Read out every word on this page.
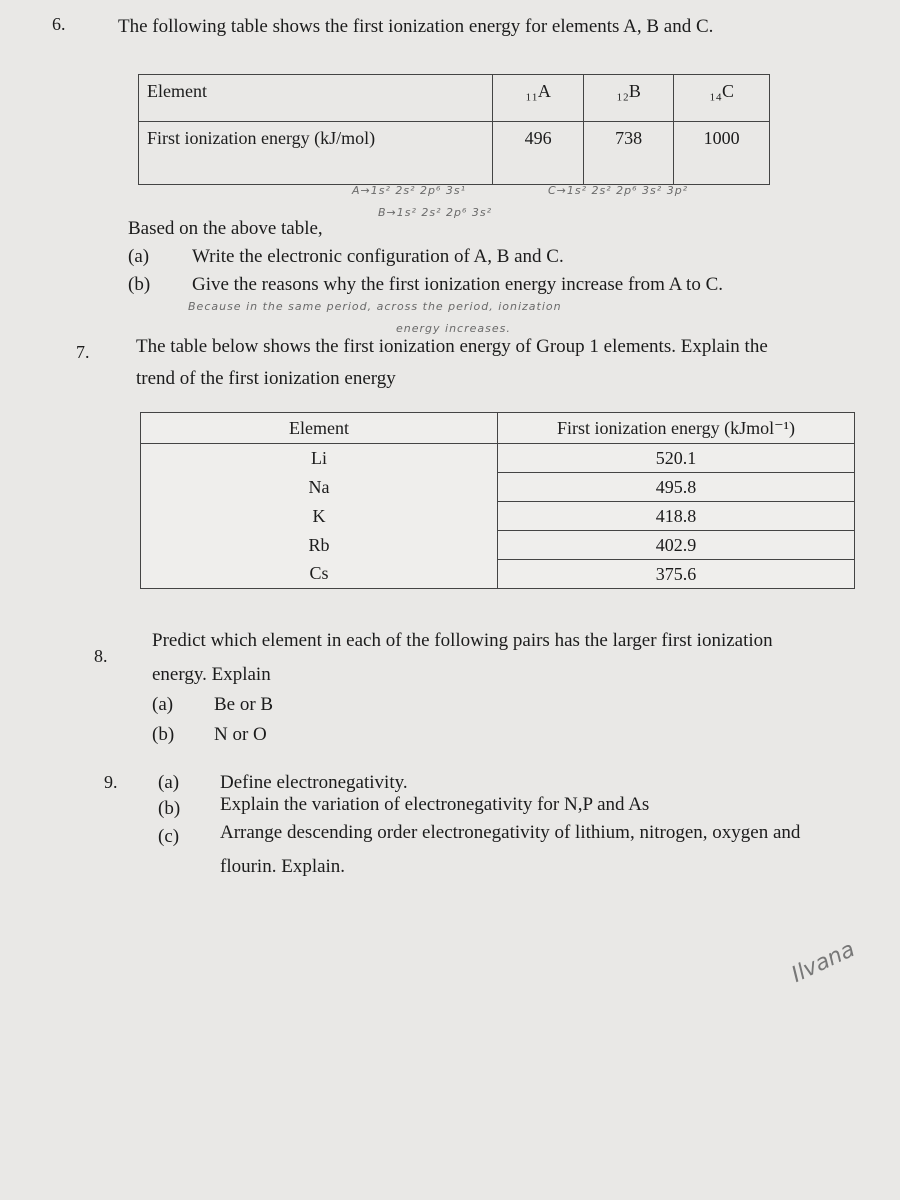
6.	The following table shows the first ionization energy for elements A, B and C.
Element	₁₁A	₁₂B	₁₄C
First ionization energy (kJ/mol)	496	738	1000
A→1s² 2s² 2p⁶ 3s¹
B→1s² 2s² 2p⁶ 3s²
C→1s² 2s² 2p⁶ 3s² 3p²
Based on the above table,
(a) Write the electronic configuration of A, B and C.
(b) Give the reasons why the first ionization energy increase from A to C.
Because in the same period, across the period, ionization
energy increases.
7. The table below shows the first ionization energy of Group 1 elements. Explain the
trend of the first ionization energy
Element	First ionization energy (kJmol⁻¹)
Li	520.1
Na	495.8
K	418.8
Rb	402.9
Cs	375.6
8.
Predict which element in each of the following pairs has the larger first ionization
energy. Explain
(a) Be or B
(b) N or O
9. (a) Define electronegativity.
(b) Explain the variation of electronegativity for N,P and As
(c) Arrange descending order electronegativity of lithium, nitrogen, oxygen and
flourin. Explain.
Ilvana
